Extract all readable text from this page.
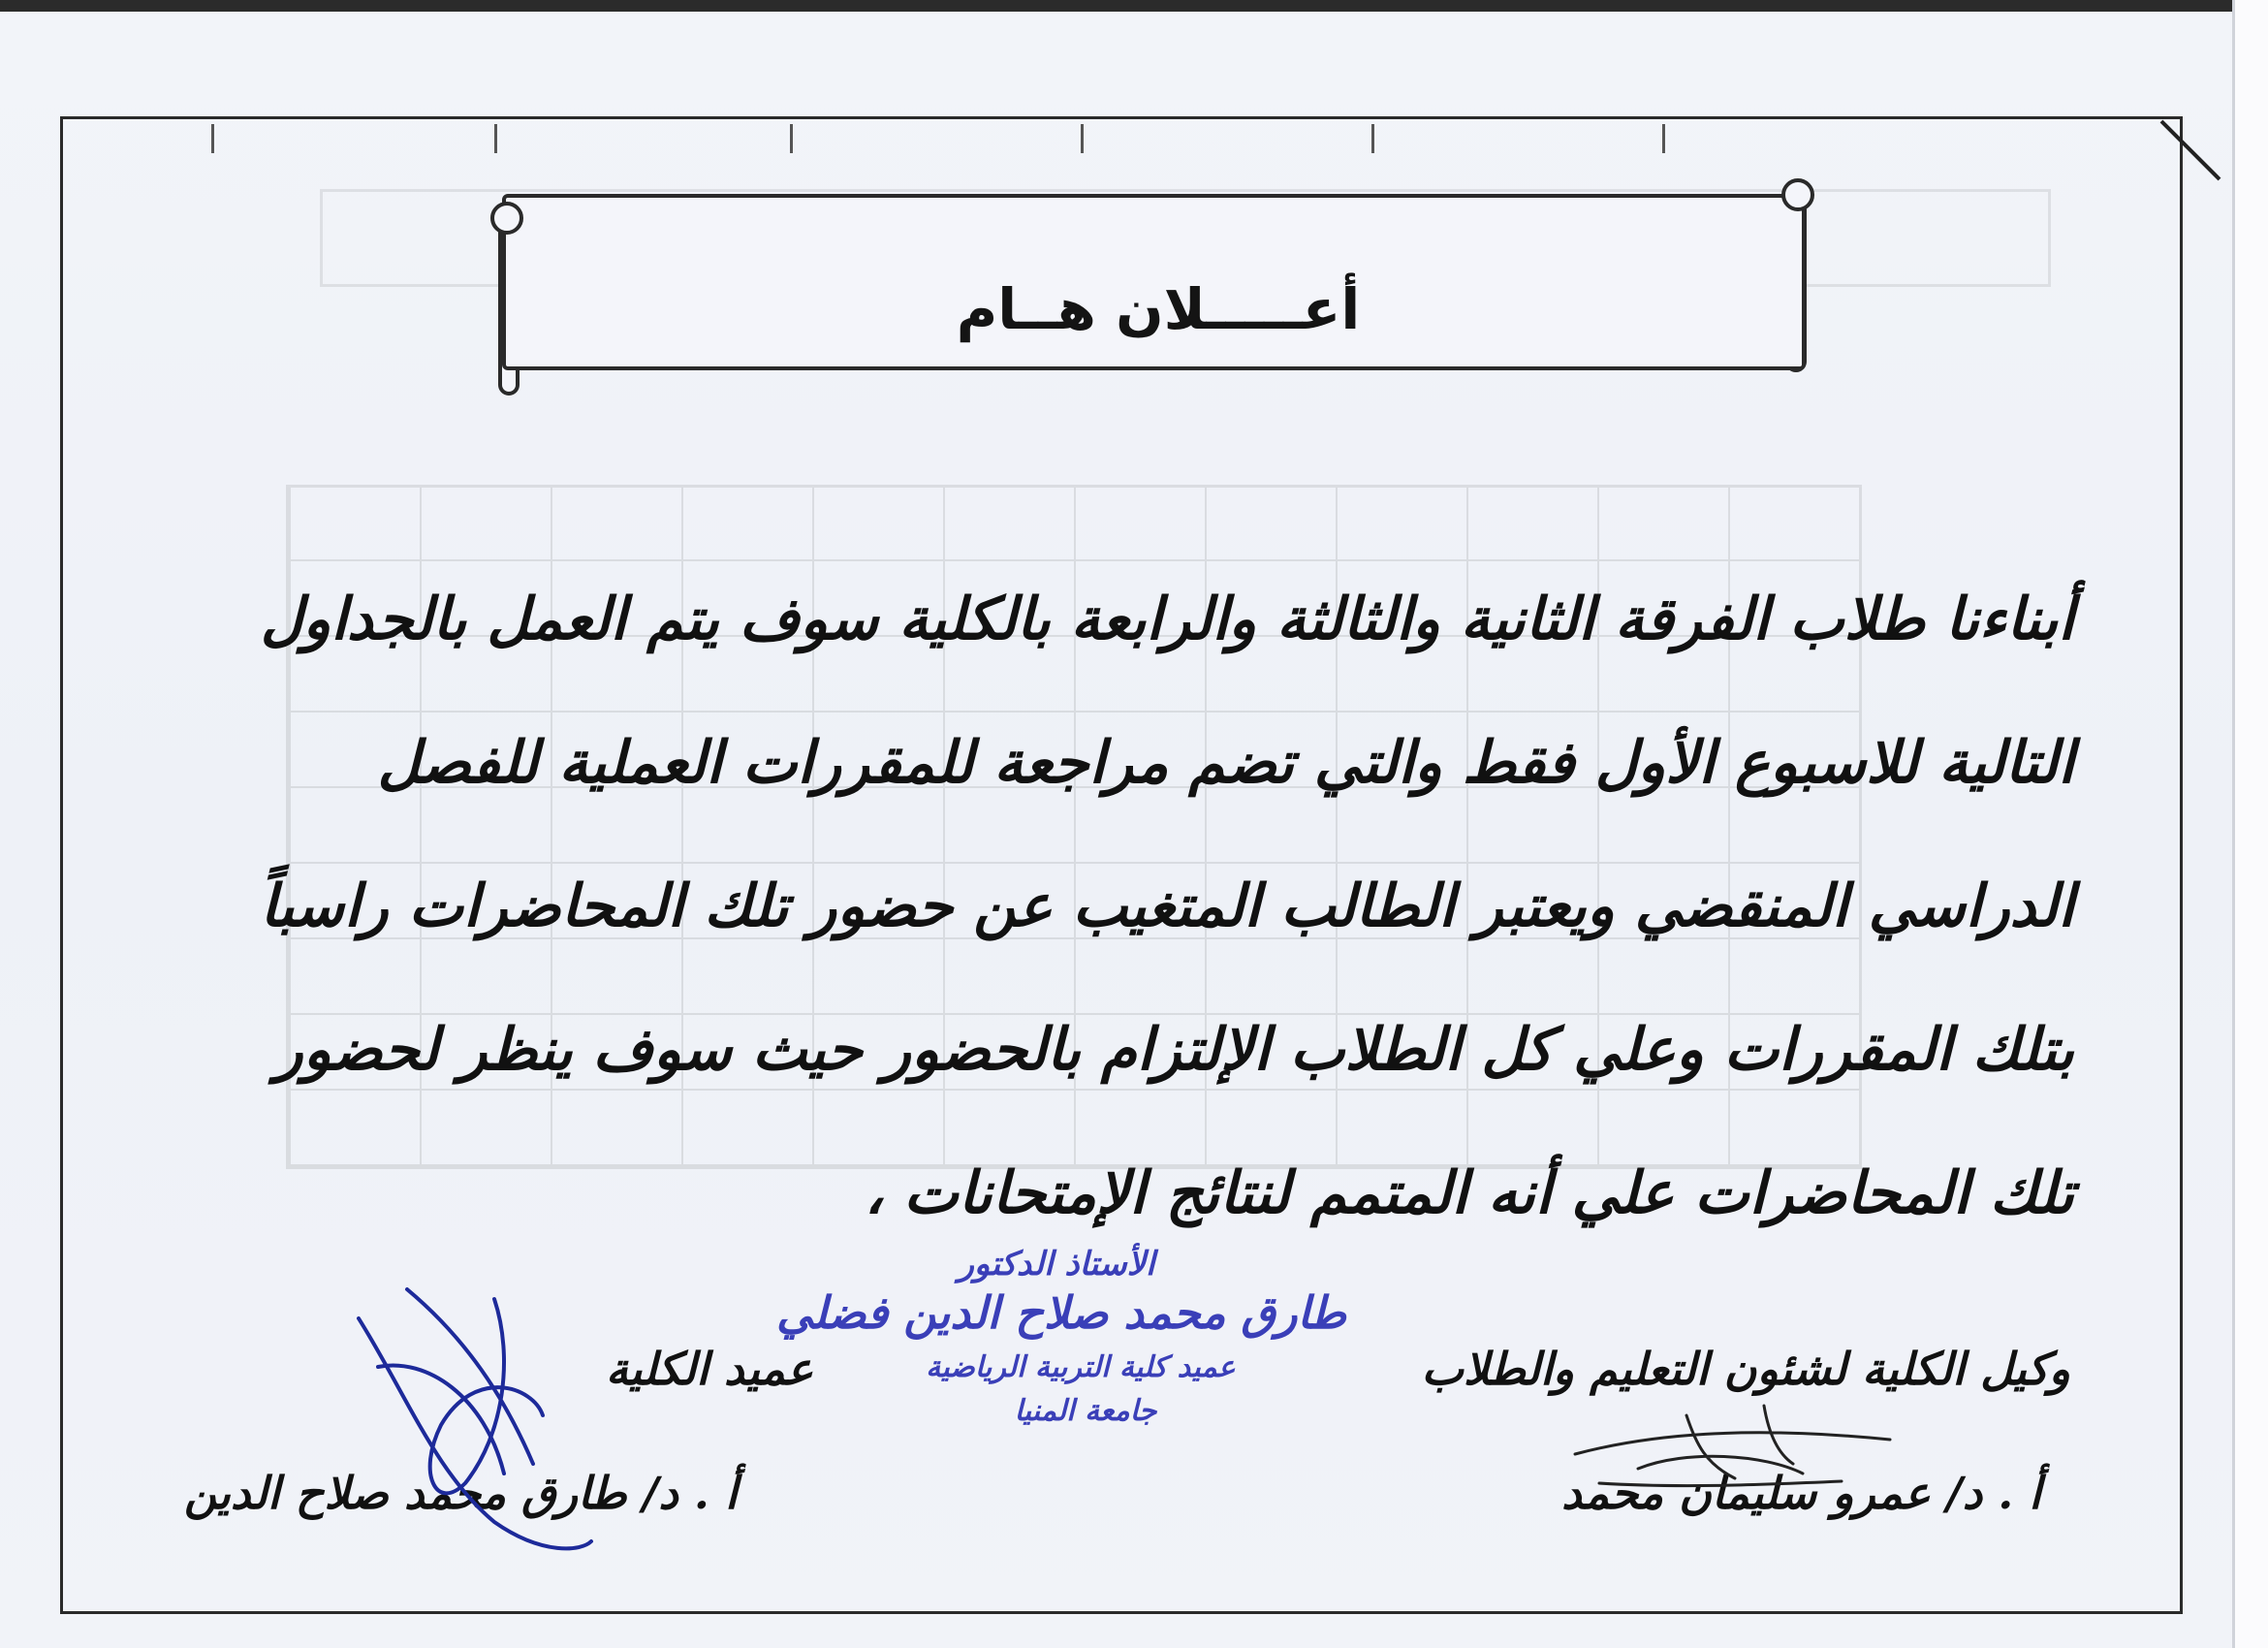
أعـــــلان هــام
أبناءنا طلاب الفرقة الثانية والثالثة والرابعة بالكلية سوف يتم العمل بالجداول
التالية للاسبوع الأول فقط والتي تضم مراجعة للمقررات العملية للفصل
الدراسي المنقضي ويعتبر الطالب المتغيب عن حضور تلك المحاضرات راسباً
بتلك المقررات وعلي كل الطلاب الإلتزام بالحضور حيث سوف ينظر لحضور
تلك المحاضرات علي أنه المتمم لنتائج الإمتحانات ،
الأستاذ الدكتور
طارق محمد صلاح الدين فضلي
عميد كلية التربية الرياضية
جامعة المنيا
وكيل الكلية لشئون التعليم والطلاب
أ . د/ عمرو سليمان محمد
عميد الكلية
أ . د/ طارق محمد صلاح الدين
